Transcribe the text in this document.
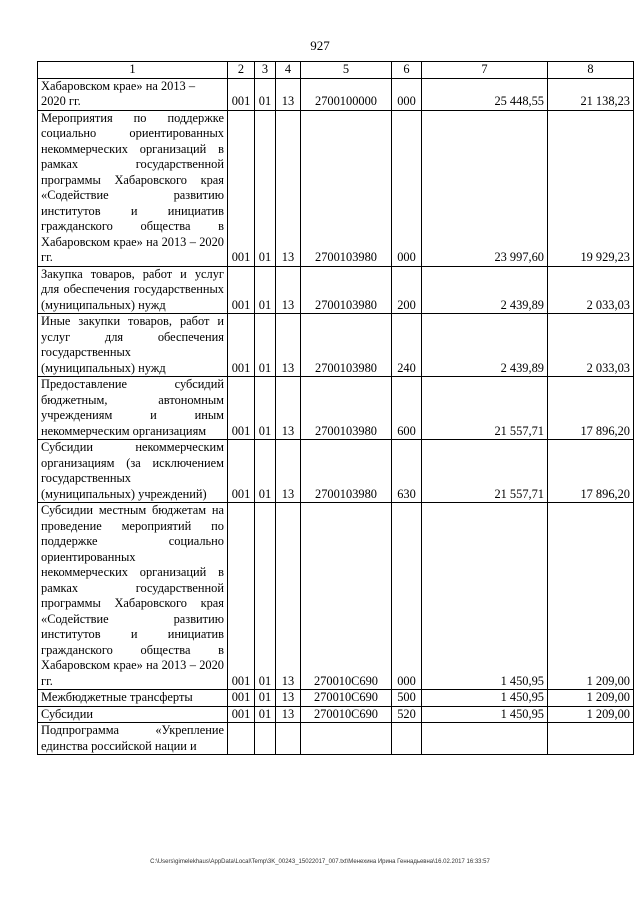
927
1	2	3	4	5	6	7	8
Хабаровском крае» на 2013 –
2020 гг.	001	01	13	2700100000	000	25 448,55	21 138,23
Мероприятия по поддержке социально ориентированных некоммерческих организаций в рамках государственной программы Хабаровского края «Содействие развитию институтов и инициатив гражданского общества в Хабаровском крае» на 2013 – 2020 гг.	001	01	13	2700103980	000	23 997,60	19 929,23
Закупка товаров, работ и услуг для обеспечения государственных (муниципальных) нужд	001	01	13	2700103980	200	2 439,89	2 033,03
Иные закупки товаров, работ и услуг для обеспечения государственных (муниципальных) нужд	001	01	13	2700103980	240	2 439,89	2 033,03
Предоставление субсидий бюджетным, автономным учреждениям и иным некоммерческим организациям	001	01	13	2700103980	600	21 557,71	17 896,20
Субсидии некоммерческим организациям (за исключением государственных (муниципальных) учреждений)	001	01	13	2700103980	630	21 557,71	17 896,20
Субсидии местным бюджетам на проведение мероприятий по поддержке социально ориентированных некоммерческих организаций в рамках государственной программы Хабаровского края «Содействие развитию институтов и инициатив гражданского общества в Хабаровском крае» на 2013 – 2020 гг.	001	01	13	270010С690	000	1 450,95	1 209,00
Межбюджетные трансферты	001	01	13	270010С690	500	1 450,95	1 209,00
Субсидии	001	01	13	270010С690	520	1 450,95	1 209,00
Подпрограмма «Укрепление единства российской нации и							
C:\Users\gimelekhaus\AppData\Local\Temp\3K_00243_15022017_007.txt\Менехина Ирина Геннадьевна\16.02.2017 16:33:57
